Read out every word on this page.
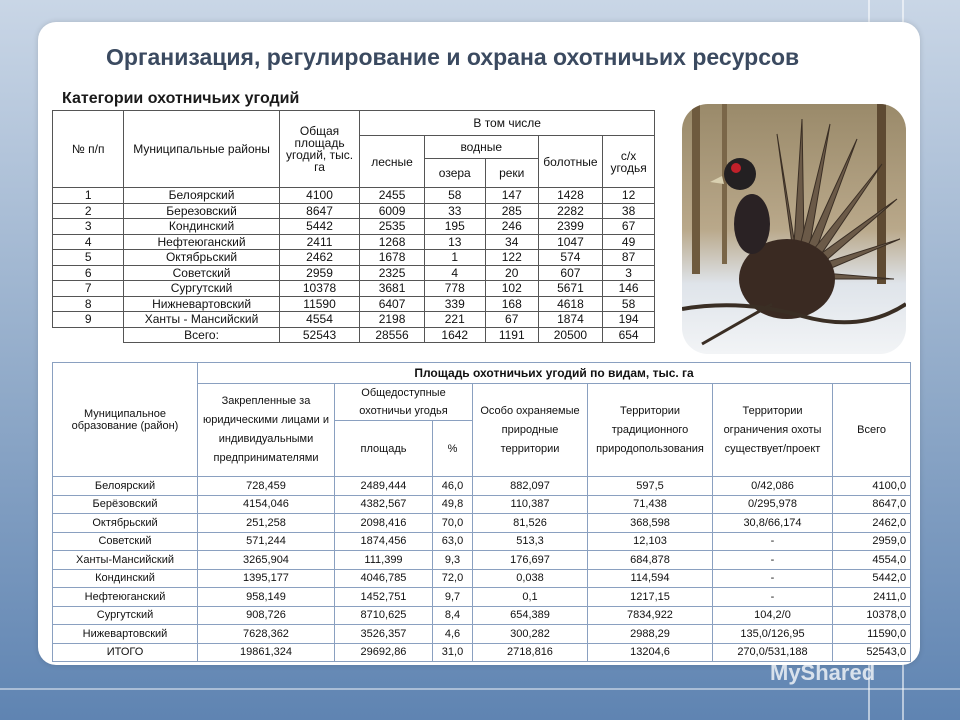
Организация, регулирование и охрана охотничьих ресурсов
Категории охотничьих угодий
№ п/п	Муниципальные районы	Общая площадь угодий, тыс. га	В том числе				
			лесные	водные		болотные	с/х угодья
				озера	реки		
1	Белоярский	4100	2455	58	147	1428	12
2	Березовский	8647	6009	33	285	2282	38
3	Кондинский	5442	2535	195	246	2399	67
4	Нефтеюганский	2411	1268	13	34	1047	49
5	Октябрьский	2462	1678	1	122	574	87
6	Советский	2959	2325	4	20	607	3
7	Сургутский	10378	3681	778	102	5671	146
8	Нижневартовский	11590	6407	339	168	4618	58
9	Ханты - Мансийский	4554	2198	221	67	1874	194
	Всего:	52543	28556	1642	1191	20500	654
Муниципальное образование (район)	Площадь охотничьих угодий по видам, тыс. га						
	Закрепленные за юридическими лицами и индивидуальными предпринимателями	Общедоступные охотничьи угодья		Особо охраняемые природные территории	Территории традиционного природопользования	Территории ограничения охоты существует/проект	Всего
		площадь	%				
Белоярский	728,459	2489,444	46,0	882,097	597,5	0/42,086	4100,0
Берёзовский	4154,046	4382,567	49,8	110,387	71,438	0/295,978	8647,0
Октябрьский	251,258	2098,416	70,0	81,526	368,598	30,8/66,174	2462,0
Советский	571,244	1874,456	63,0	513,3	12,103	-	2959,0
Ханты-Мансийский	3265,904	111,399	9,3	176,697	684,878	-	4554,0
Кондинский	1395,177	4046,785	72,0	0,038	114,594	-	5442,0
Нефтеюганский	958,149	1452,751	9,7	0,1	1217,15	-	2411,0
Сургутский	908,726	8710,625	8,4	654,389	7834,922	104,2/0	10378,0
Нижевартовский	7628,362	3526,357	4,6	300,282	2988,29	135,0/126,95	11590,0
ИТОГО	19861,324	29692,86	31,0	2718,816	13204,6	270,0/531,188	52543,0
MyShared
